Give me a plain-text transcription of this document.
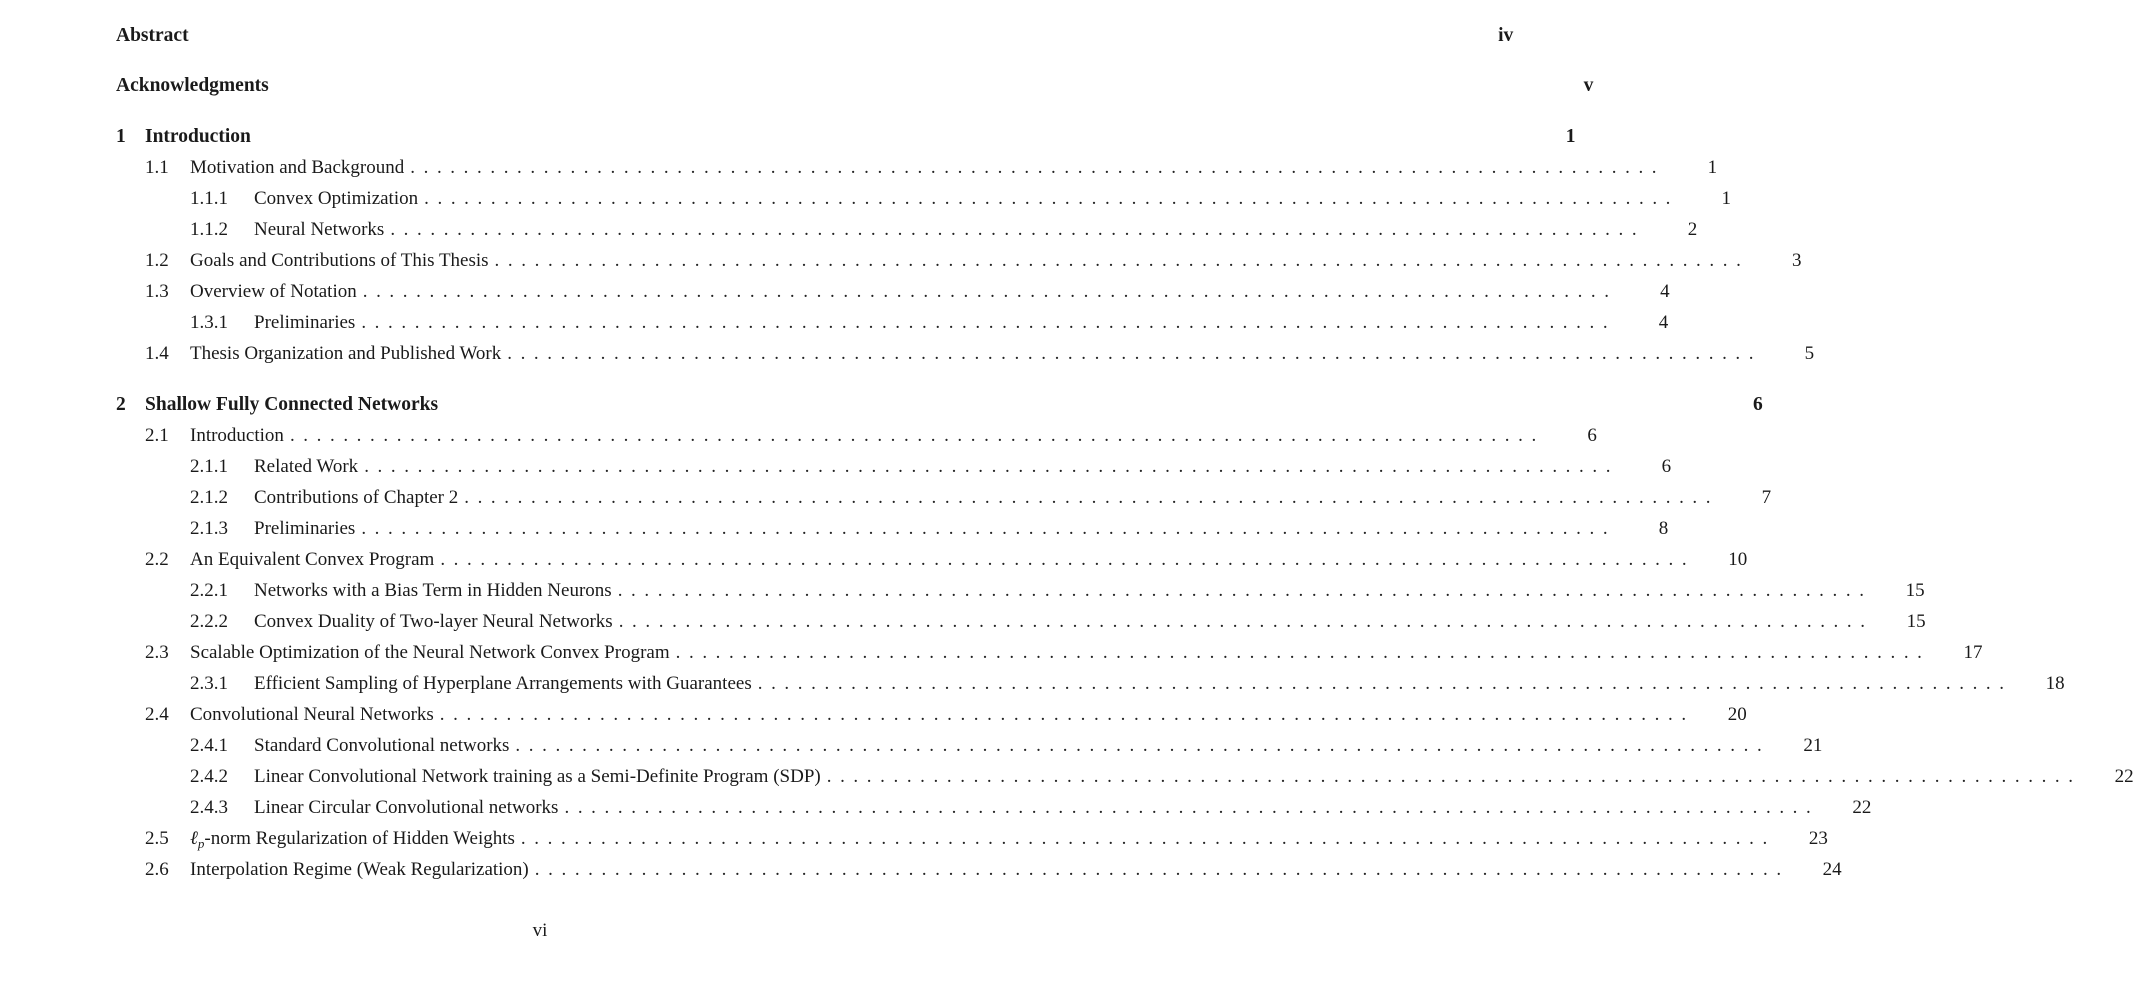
Abstract	iv
Acknowledgments	v
1 Introduction	1
1.1	Motivation and Background ..............................................................................................	1
1.1.1	Convex Optimization ..............................................................................................	1
1.1.2	Neural Networks ..............................................................................................	2
1.2	Goals and Contributions of This Thesis ..............................................................................................	3
1.3	Overview of Notation ..............................................................................................	4
1.3.1	Preliminaries ..............................................................................................	4
1.4	Thesis Organization and Published Work ..............................................................................................	5
2 Shallow Fully Connected Networks	6
2.1	Introduction ..............................................................................................	6
2.1.1	Related Work ..............................................................................................	6
2.1.2	Contributions of Chapter 2 ..............................................................................................	7
2.1.3	Preliminaries ..............................................................................................	8
2.2	An Equivalent Convex Program .............................................................................................. 10
2.2.1	Networks with a Bias Term in Hidden Neurons .............................................................................................. 15
2.2.2	Convex Duality of Two-layer Neural Networks .............................................................................................. 15
2.3	Scalable Optimization of the Neural Network Convex Program .............................................................................................. 17
2.3.1	Efficient Sampling of Hyperplane Arrangements with Guarantees .............................................................................................. 18
2.4	Convolutional Neural Networks .............................................................................................. 20
2.4.1	Standard Convolutional networks .............................................................................................. 21
2.4.2	Linear Convolutional Network training as a Semi-Definite Program (SDP) .............................................................................................. 22
2.4.3	Linear Circular Convolutional networks .............................................................................................. 22
2.5	ℓ$_p$-norm Regularization of Hidden Weights .............................................................................................. 23
2.6	Interpolation Regime (Weak Regularization) .............................................................................................. 24
vi
